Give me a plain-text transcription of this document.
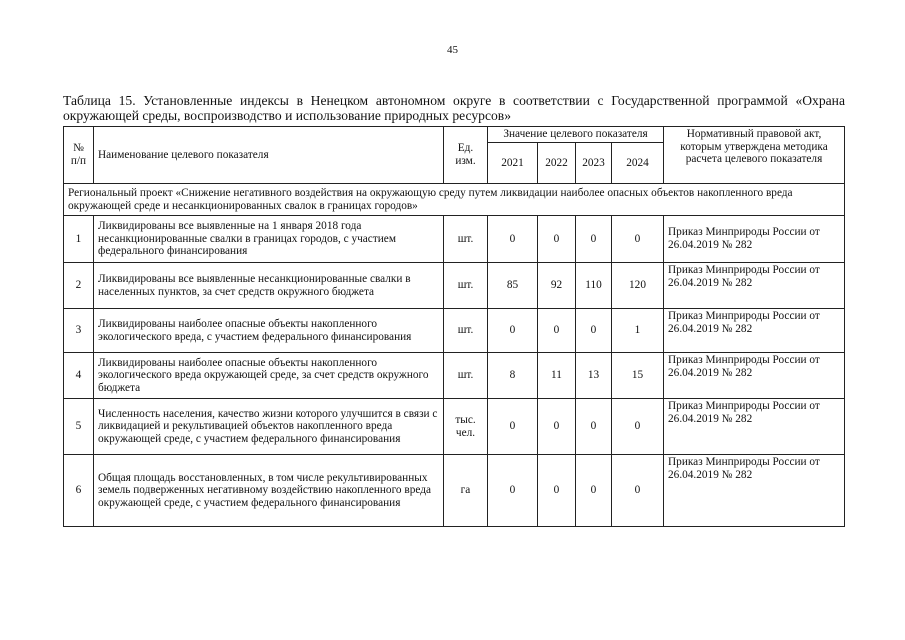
45
Таблица 15. Установленные индексы в Ненецком автономном округе в соответствии с Государственной программой «Охрана окружающей среды, воспроизводство и использование природных ресурсов»
№ п/п	Наименование целевого показателя	Ед. изм.	Значение целевого показателя				Нормативный правовой акт, которым утверждена методика расчета целевого показателя
			2021	2022	2023	2024	
Региональный проект «Снижение негативного воздействия на окружающую среду путем ликвидации наиболее опасных объектов накопленного вреда окружающей среде и несанкционированных свалок в границах городов»							
1	Ликвидированы все выявленные на 1 января 2018 года несанкционированные свалки в границах городов, с участием федерального финансирования	шт.	0	0	0	0	Приказ Минприроды России от 26.04.2019 № 282
2	Ликвидированы все выявленные несанкционированные свалки в населенных пунктов, за счет средств окружного бюджета	шт.	85	92	110	120	Приказ Минприроды России от 26.04.2019 № 282
3	Ликвидированы наиболее опасные объекты накопленного экологического вреда, с участием федерального финансирования	шт.	0	0	0	1	Приказ Минприроды России от 26.04.2019 № 282
4	Ликвидированы наиболее опасные объекты накопленного экологического вреда окружающей среде, за счет средств окружного бюджета	шт.	8	11	13	15	Приказ Минприроды России от 26.04.2019 № 282
5	Численность населения, качество жизни которого улучшится в связи с ликвидацией и рекультивацией объектов накопленного вреда окружающей среде, с участием федерального финансирования	тыс. чел.	0	0	0	0	Приказ Минприроды России от 26.04.2019 № 282
6	Общая площадь восстановленных, в том числе рекультивированных земель подверженных негативному воздействию накопленного вреда окружающей среде, с участием федерального финансирования	га	0	0	0	0	Приказ Минприроды России от 26.04.2019 № 282
